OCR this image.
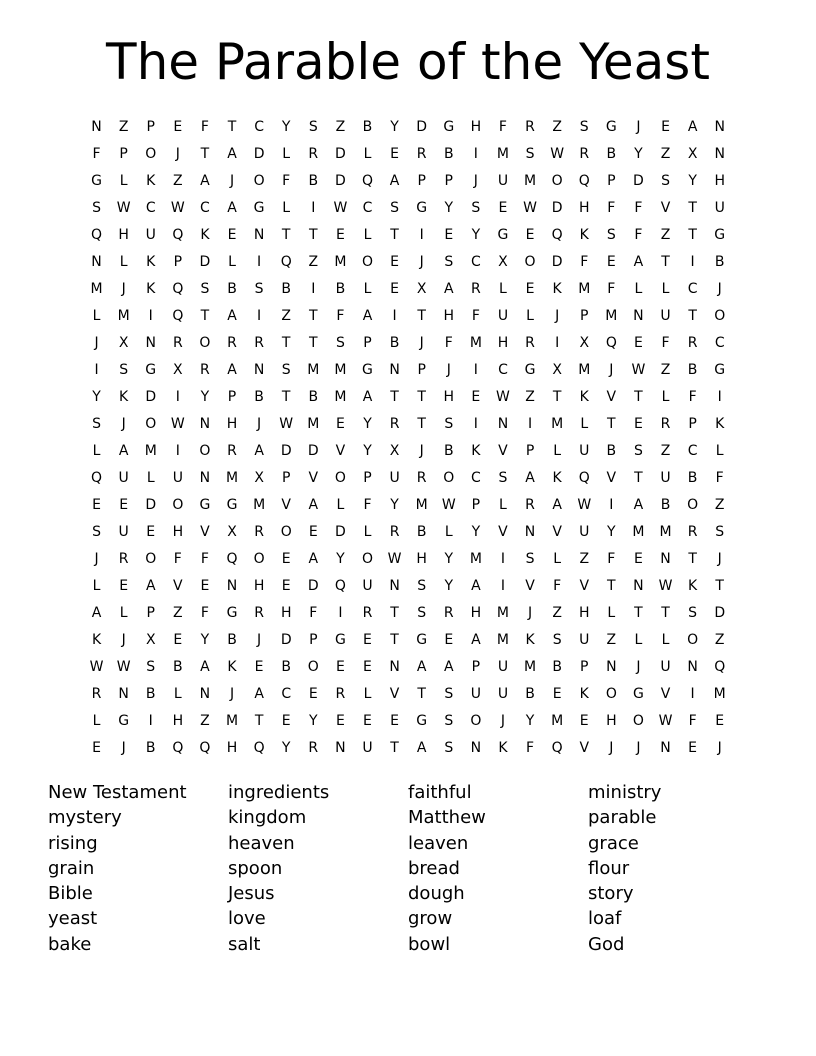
The Parable of the Yeast
N	Z	P	E	F	T	C	Y	S	Z	B	Y	D	G	H	F	R	Z	S	G	J	E	A	N
F	P	O	J	T	A	D	L	R	D	L	E	R	B	I	M	S	W	R	B	Y	Z	X	N
G	L	K	Z	A	J	O	F	B	D	Q	A	P	P	J	U	M	O	Q	P	D	S	Y	H
S	W	C	W	C	A	G	L	I	W	C	S	G	Y	S	E	W	D	H	F	F	V	T	U
Q	H	U	Q	K	E	N	T	T	E	L	T	I	E	Y	G	E	Q	K	S	F	Z	T	G
N	L	K	P	D	L	I	Q	Z	M	O	E	J	S	C	X	O	D	F	E	A	T	I	B
M	J	K	Q	S	B	S	B	I	B	L	E	X	A	R	L	E	K	M	F	L	L	C	J
L	M	I	Q	T	A	I	Z	T	F	A	I	T	H	F	U	L	J	P	M	N	U	T	O
J	X	N	R	O	R	R	T	T	S	P	B	J	F	M	H	R	I	X	Q	E	F	R	C
I	S	G	X	R	A	N	S	M	M	G	N	P	J	I	C	G	X	M	J	W	Z	B	G
Y	K	D	I	Y	P	B	T	B	M	A	T	T	H	E	W	Z	T	K	V	T	L	F	I
S	J	O	W	N	H	J	W	M	E	Y	R	T	S	I	N	I	M	L	T	E	R	P	K
L	A	M	I	O	R	A	D	D	V	Y	X	J	B	K	V	P	L	U	B	S	Z	C	L
Q	U	L	U	N	M	X	P	V	O	P	U	R	O	C	S	A	K	Q	V	T	U	B	F
E	E	D	O	G	G	M	V	A	L	F	Y	M	W	P	L	R	A	W	I	A	B	O	Z
S	U	E	H	V	X	R	O	E	D	L	R	B	L	Y	V	N	V	U	Y	M	M	R	S
J	R	O	F	F	Q	O	E	A	Y	O	W	H	Y	M	I	S	L	Z	F	E	N	T	J
L	E	A	V	E	N	H	E	D	Q	U	N	S	Y	A	I	V	F	V	T	N	W	K	T
A	L	P	Z	F	G	R	H	F	I	R	T	S	R	H	M	J	Z	H	L	T	T	S	D
K	J	X	E	Y	B	J	D	P	G	E	T	G	E	A	M	K	S	U	Z	L	L	O	Z
W	W	S	B	A	K	E	B	O	E	E	N	A	A	P	U	M	B	P	N	J	U	N	Q
R	N	B	L	N	J	A	C	E	R	L	V	T	S	U	U	B	E	K	O	G	V	I	M
L	G	I	H	Z	M	T	E	Y	E	E	E	G	S	O	J	Y	M	E	H	O	W	F	E
E	J	B	Q	Q	H	Q	Y	R	N	U	T	A	S	N	K	F	Q	V	J	J	N	E	J
New Testament	ingredients	faithful	ministry
mystery	kingdom	Matthew	parable
rising	heaven	leaven	grace
grain	spoon	bread	flour
Bible	Jesus	dough	story
yeast	love	grow	loaf
bake	salt	bowl	God
